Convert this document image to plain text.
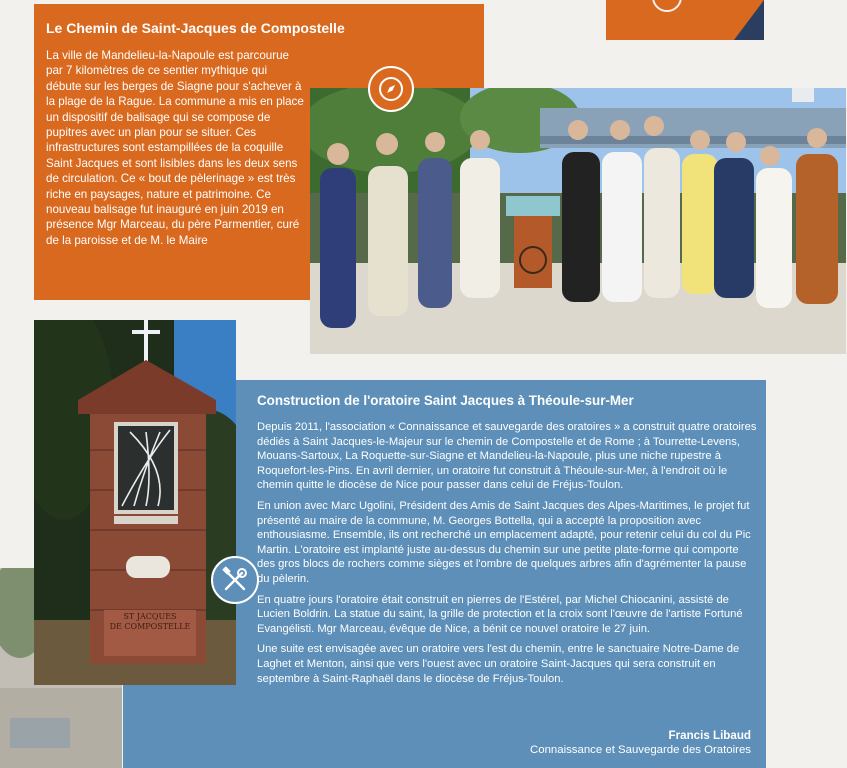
Le Chemin de Saint-Jacques de Compostelle

La ville de Mandelieu-la-Napoule est parcourue par 7 kilomètres de ce sentier mythique qui débute sur les berges de Siagne pour s'achever à la plage de la Rague. La commune a mis en place un dispositif de balisage qui se compose de pupitres avec un plan pour se situer. Ces infrastructures sont estampillées de la coquille Saint Jacques et sont lisibles dans les deux sens de circulation. Ce « bout de pèlerinage » est très riche en paysages, nature et patrimoine. Ce nouveau balisage fut inauguré en juin 2019 en présence Mgr Marceau, du père Parmentier, curé de la paroisse et de M. le Maire

ST JACQUES
DE COMPOSTELLE
Construction de l'oratoire Saint Jacques à Théoule-sur-Mer

Depuis 2011, l'association « Connaissance et sauvegarde des oratoires » a construit quatre oratoires dédiés à Saint Jacques-le-Majeur sur le chemin de Compostelle et de Rome ; à Tourrette-Levens, Mouans-Sartoux, La Roquette-sur-Siagne et Mandelieu-la-Napoule, plus une niche rupestre à Roquefort-les-Pins. En avril dernier, un oratoire fut construit à Théoule-sur-Mer, à l'endroit où le chemin quitte le diocèse de Nice pour passer dans celui de Fréjus-Toulon.

En union avec Marc Ugolini, Président des Amis de Saint Jacques des Alpes-Maritimes, le projet fut présenté au maire de la commune, M. Georges Bottella, qui a accepté la proposition avec enthousiasme. Ensemble, ils ont recherché un emplacement adapté, pour retenir celui du col du Pic Martin. L'oratoire est implanté juste au-dessus du chemin sur une petite plate-forme qui comporte des gros blocs de rochers comme sièges et l'ombre de quelques arbres afin d'agrémenter la pause du pèlerin.

En quatre jours l'oratoire était construit en pierres de l'Estérel, par Michel Chiocanini, assisté de Lucien Boldrin. La statue du saint, la grille de protection et la croix sont l'œuvre de l'artiste Fortuné Evangélisti. Mgr Marceau, évêque de Nice, a bénit ce nouvel oratoire le 27 juin.

Une suite est envisagée avec un oratoire vers l'est du chemin, entre le sanctuaire Notre-Dame de Laghet et Menton, ainsi que vers l'ouest avec un oratoire Saint-Jacques qui sera construit en septembre à Saint-Raphaël dans le diocèse de Fréjus-Toulon.

Francis Libaud
Connaissance et Sauvegarde des Oratoires
